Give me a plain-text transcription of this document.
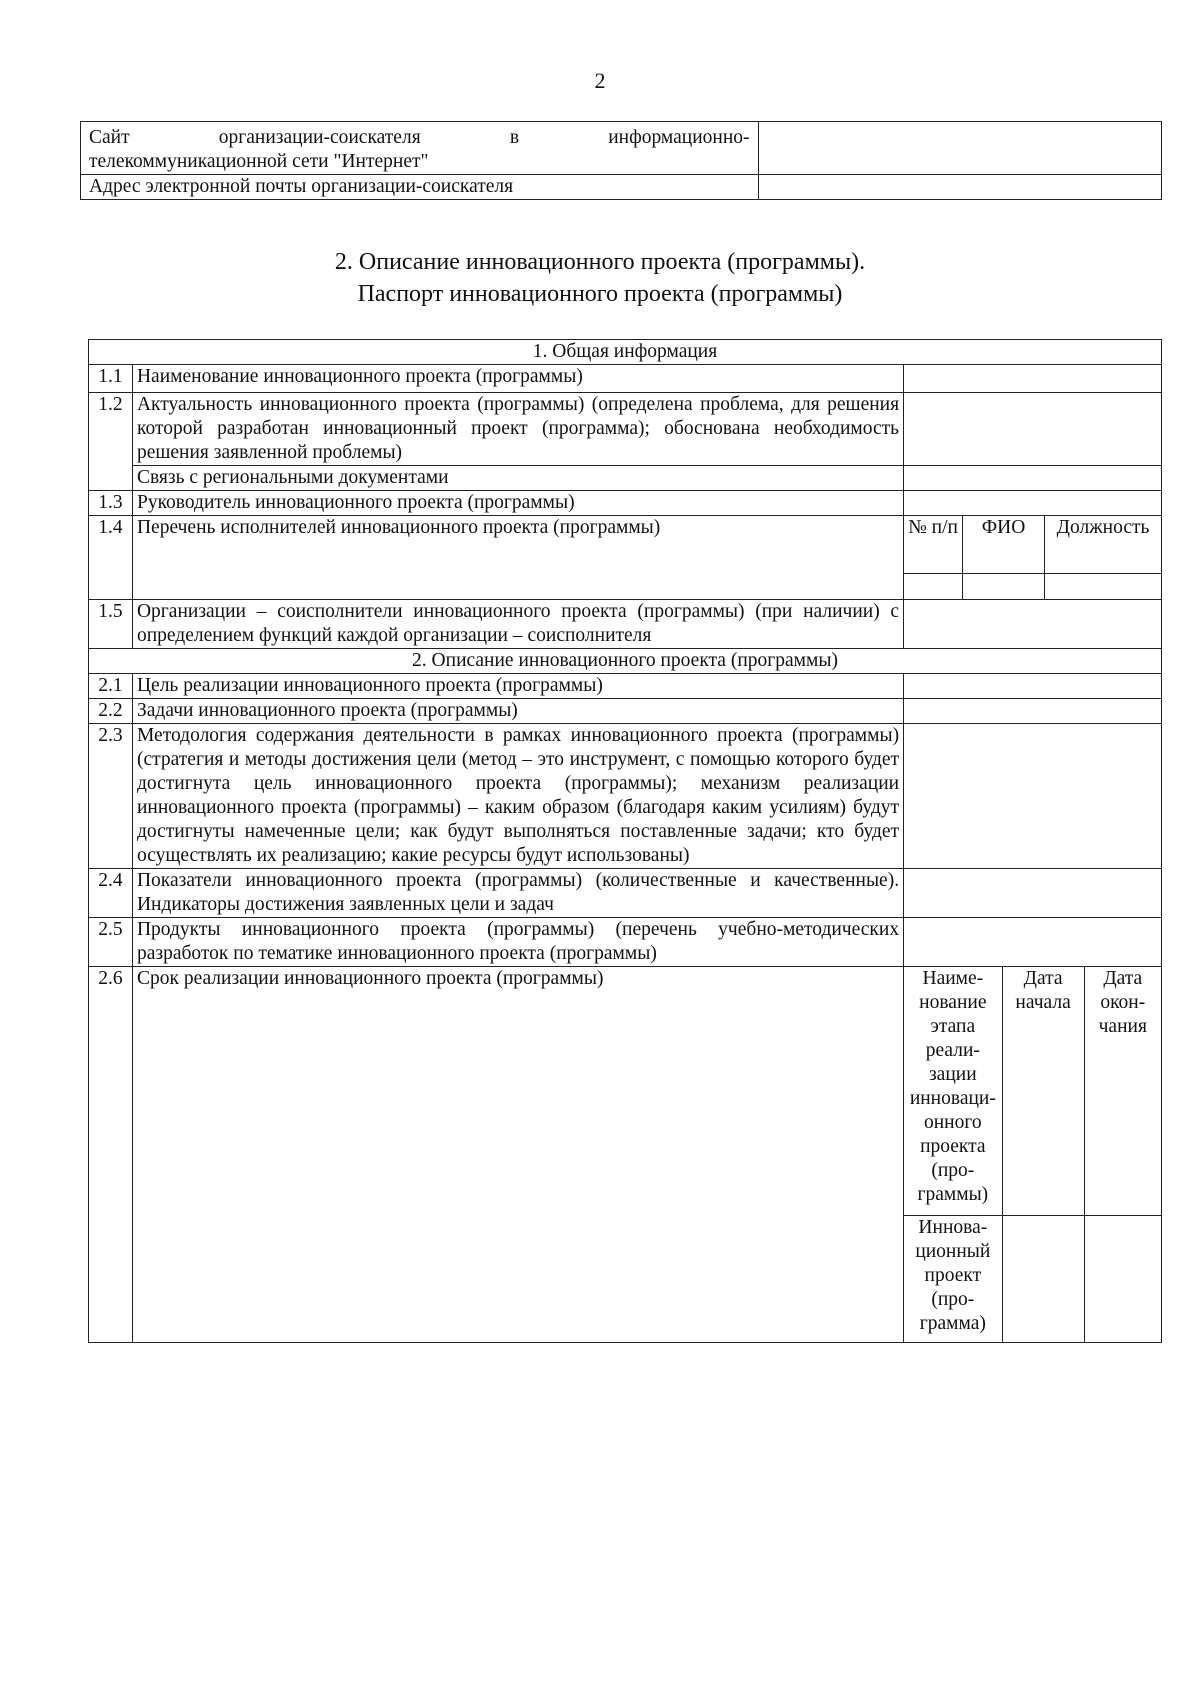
2
Сайт организации-соискателя в информационно-
телекоммуникационной сети "Интернет"	

Адрес электронной почты организации-соискателя	
2. Описание инновационного проекта (программы).
Паспорт инновационного проекта (программы)
1. Общая информация
1.1	Наименование инновационного проекта (программы)	
1.2	Актуальность инновационного проекта (программы) (определена проблема, для решения которой разработан инновационный проект (программа); обоснована необходимость решения заявленной проблемы)	
Связь с региональными документами	
1.3	Руководитель инновационного проекта (программы)	
1.4	Перечень исполнителей инновационного проекта (программы)		№ п/п	ФИО	Должность

1.5	Организации – соисполнители инновационного проекта (программы) (при наличии) с определением функций каждой организации – соисполнителя	
2. Описание инновационного проекта (программы)
2.1	Цель реализации инновационного проекта (программы)	
2.2	Задачи инновационного проекта (программы)	
2.3	Методология содержания деятельности в рамках инновационного проекта (программы) (стратегия и методы достижения цели (метод – это инструмент, с помощью которого будет достигнута цель инновационного проекта (программы); механизм реализации инновационного проекта (программы) – каким образом (благодаря каким усилиям) будут достигнуты намеченные цели; как будут выполняться поставленные задачи; кто будет осуществлять их реализацию; какие ресурсы будут использованы)	
2.4	Показатели инновационного проекта (программы) (количественные и качественные). Индикаторы достижения заявленных цели и задач	
2.5	Продукты инновационного проекта (программы) (перечень учебно-методических разработок по тематике инновационного проекта (программы)	
2.6	Срок реализации инновационного проекта (программы)		Наиме-нование этапа реали-зации инноваци-онного проекта (про-граммы)	Дата начала	Дата окон-чания
Иннова-ционный проект (про-грамма)		
